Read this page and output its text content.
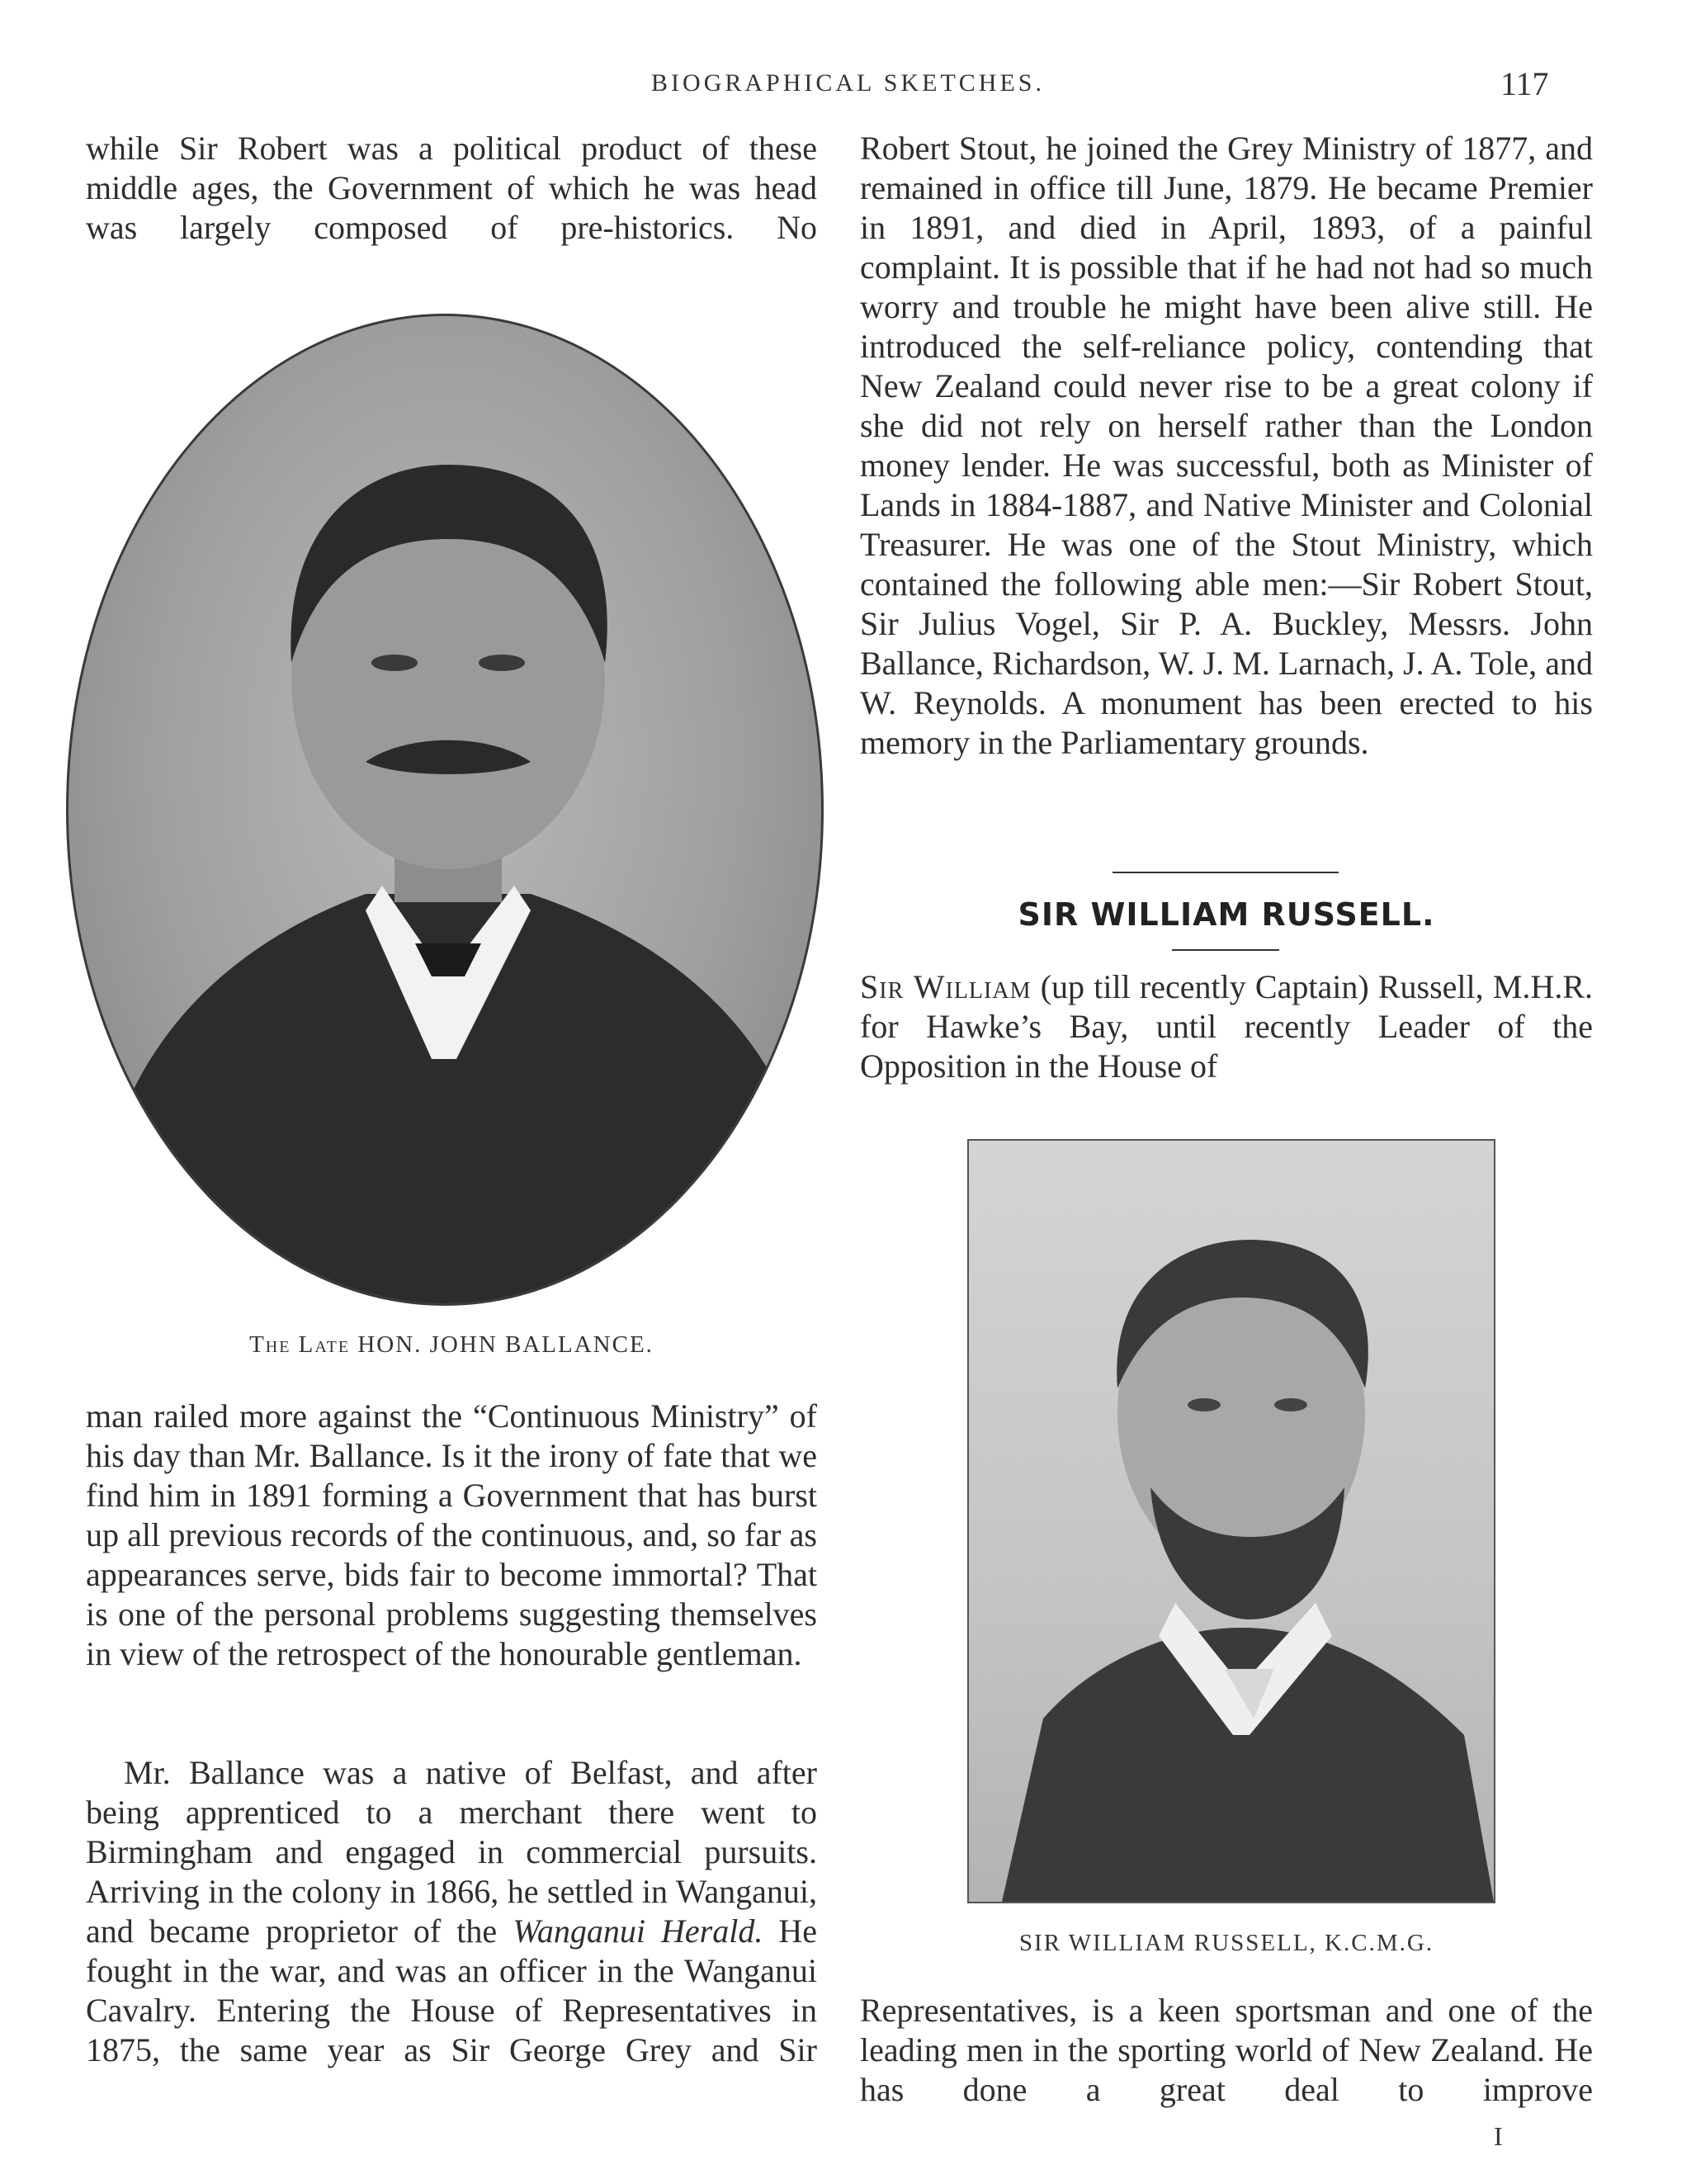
BIOGRAPHICAL SKETCHES.	117

while Sir Robert was a political product of these middle ages, the Government of which he was head was largely composed of pre-historics. No

The Late HON. JOHN BALLANCE.

man railed more against the “Continuous Ministry” of his day than Mr. Ballance. Is it the irony of fate that we find him in 1891 forming a Government that has burst up all previous records of the continuous, and, so far as appearances serve, bids fair to become immortal? That is one of the personal problems suggesting themselves in view of the retrospect of the honourable gentleman.

Mr. Ballance was a native of Belfast, and after being apprenticed to a merchant there went to Birmingham and engaged in commercial pursuits. Arriving in the colony in 1866, he settled in Wanganui, and became proprietor of the Wanganui Herald. He fought in the war, and was an officer in the Wanganui Cavalry. Entering the House of Representatives in 1875, the same year as Sir George Grey and Sir

Robert Stout, he joined the Grey Ministry of 1877, and remained in office till June, 1879. He became Premier in 1891, and died in April, 1893, of a painful complaint. It is possible that if he had not had so much worry and trouble he might have been alive still. He introduced the self-reliance policy, contending that New Zealand could never rise to be a great colony if she did not rely on herself rather than the London money lender. He was successful, both as Minister of Lands in 1884-1887, and Native Minister and Colonial Treasurer. He was one of the Stout Ministry, which contained the following able men:—Sir Robert Stout, Sir Julius Vogel, Sir P. A. Buckley, Messrs. John Ballance, Richardson, W. J. M. Larnach, J. A. Tole, and W. Reynolds. A monument has been erected to his memory in the Parliamentary grounds.

SIR WILLIAM RUSSELL.

Sir William (up till recently Captain) Russell, M.H.R. for Hawke’s Bay, until recently Leader of the Opposition in the House of

SIR WILLIAM RUSSELL, K.C.M.G.

Representatives, is a keen sportsman and one of the leading men in the sporting world of New Zealand. He has done a great deal to improve

I
